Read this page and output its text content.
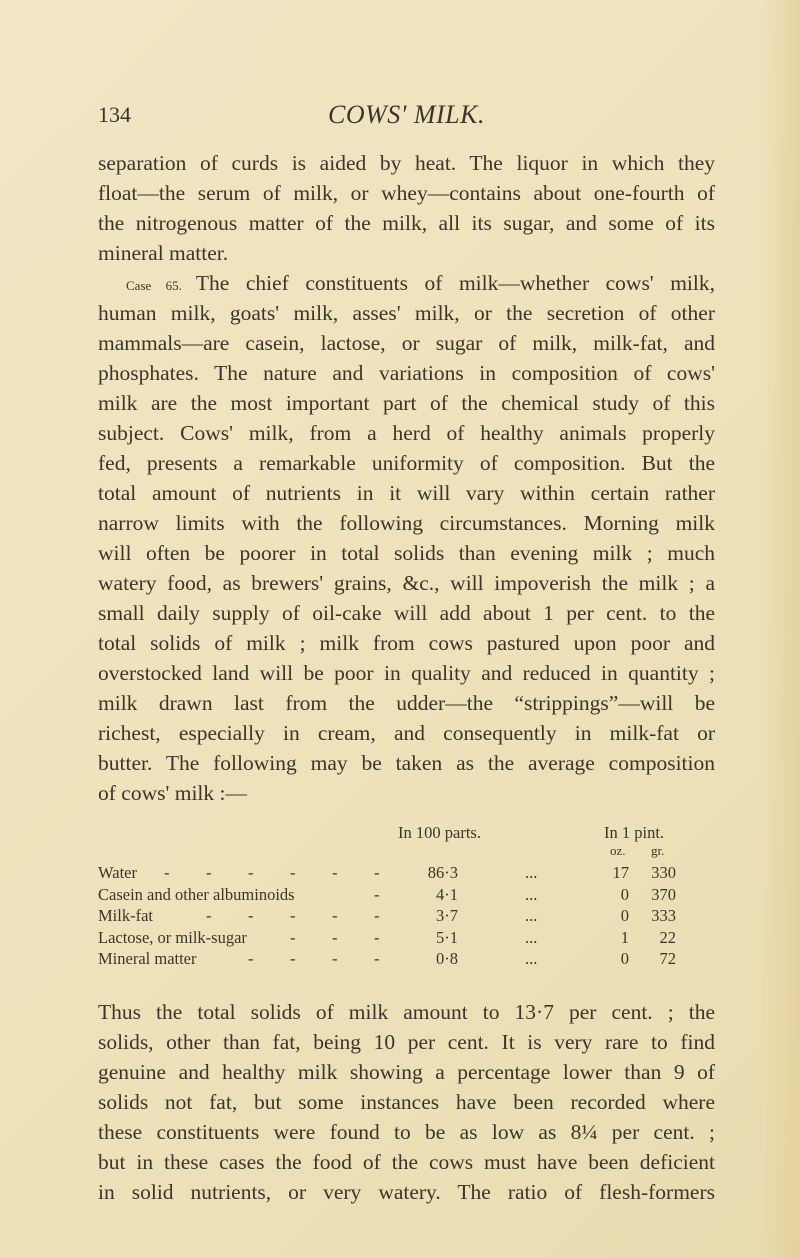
134	COWS' MILK.
separation of curds is aided by heat. The liquor in which they
float—the serum of milk, or whey—contains about one-fourth of
the nitrogenous matter of the milk, all its sugar, and some of its
mineral matter.
Case 65. The chief constituents of milk—whether cows' milk,
human milk, goats' milk, asses' milk, or the secretion of other
mammals—are casein, lactose, or sugar of milk, milk-fat, and
phosphates. The nature and variations in composition of cows'
milk are the most important part of the chemical study of this
subject. Cows' milk, from a herd of healthy animals properly
fed, presents a remarkable uniformity of composition. But the
total amount of nutrients in it will vary within certain rather
narrow limits with the following circumstances. Morning milk
will often be poorer in total solids than evening milk ; much
watery food, as brewers' grains, &c., will impoverish the milk ; a
small daily supply of oil-cake will add about 1 per cent. to the
total solids of milk ; milk from cows pastured upon poor and
overstocked land will be poor in quality and reduced in quantity ;
milk drawn last from the udder—the “strippings”—will be
richest, especially in cream, and consequently in milk-fat or
butter. The following may be taken as the average composition
of cows' milk :—
In 100 parts.	In 1 pint.
oz. gr.
Water - - - - - -	86·3	...	17	330
Casein and other albuminoids	-	4·1	...	0	370
Milk-fat	- - - - -	3·7	...	0	333
Lactose, or milk-sugar	- - -	5·1	...	1	22
Mineral matter	- - - -	0·8	...	0	72
Thus the total solids of milk amount to 13·7 per cent. ; the
solids, other than fat, being 10 per cent. It is very rare to find
genuine and healthy milk showing a percentage lower than 9 of
solids not fat, but some instances have been recorded where
these constituents were found to be as low as 8¼ per cent. ;
but in these cases the food of the cows must have been deficient
in solid nutrients, or very watery. The ratio of flesh-formers
